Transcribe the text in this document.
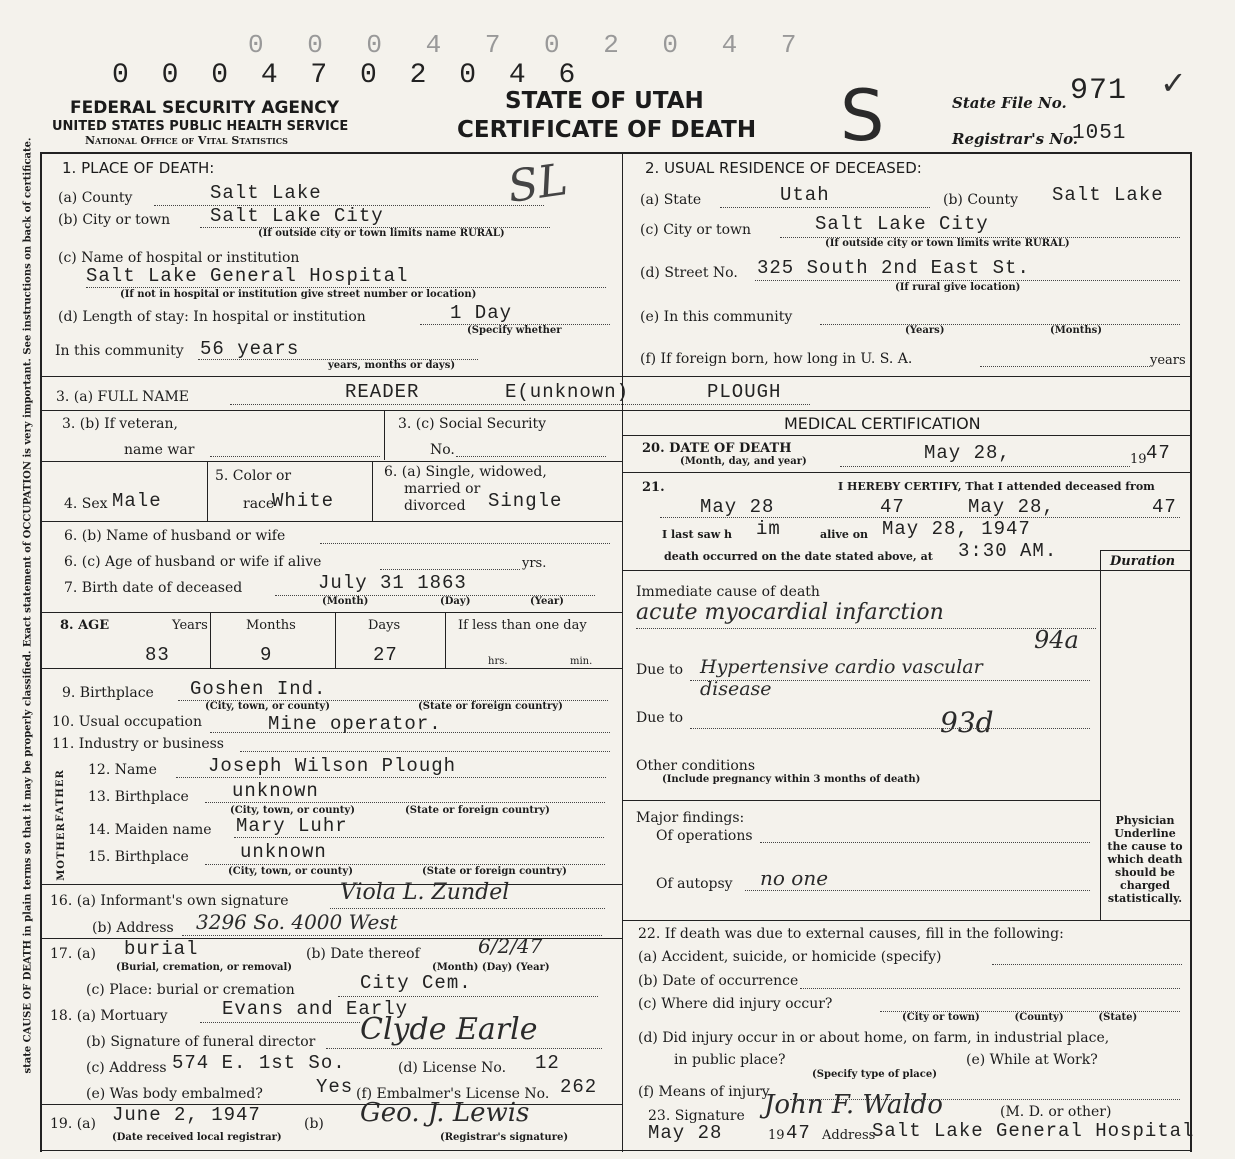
0 0 0 4 7 0 2 0 4 7
0 0 0 4 7 0 2 0 4 6
FEDERAL SECURITY AGENCY
UNITED STATES PUBLIC HEALTH SERVICE
National Office of Vital Statistics
STATE OF UTAH
CERTIFICATE OF DEATH S	State File No. 971 ✓
Registrar's No.
1051
state CAUSE OF DEATH in plain terms so that it may be properly classified. Exact statement of OCCUPATION is very important. See instructions on back of certificate. 1. PLACE OF DEATH:
(a) County	Salt Lake
(b) City or town Salt Lake City
(If outside city or town limits name RURAL)
(c) Name of hospital or institution
Salt Lake General Hospital
(If not in hospital or institution give street number or location)
(d) Length of stay: In hospital or institution	1 Day
(Specify whether
In this community 56 years
years, months or days)
SL	2. USUAL RESIDENCE OF DECEASED:
(a) State	Utah	(b) County Salt Lake
(c) City or town	Salt Lake City
(If outside city or town limits write RURAL)
(d) Street No. 325 South 2nd East St.
(If rural give location)
(e) In this community
(Years)	(Months)
(f) If foreign born, how long in U. S. A.	years
3. (a) FULL NAME	READER	E(unknown)	PLOUGH
3. (b) If veteran,
name war
3. (c) Social Security
No.
4. Sex Male
5. Color or
race
White
6. (a) Single, widowed,
married or
divorced Single
6. (b) Name of husband or wife
6. (c) Age of husband or wife if alive	yrs.
7. Birth date of deceased	July 31 1863
(Month)	(Day)	(Year)
8. AGE	Years	Months	Days	If less than one day
83	9	27	hrs.	min.
9. Birthplace Goshen Ind.
(City, town, or county)	(State or foreign country)
10. Usual occupation	Mine operator.
11. Industry or business
FATHER
MOTHER
12. Name	Joseph Wilson Plough
13. Birthplace unknown
(City, town, or county)	(State or foreign country)
14. Maiden name Mary Luhr
15. Birthplace	unknown
(City, town, or county)	(State or foreign country)
16. (a) Informant's own signature Viola L. Zundel
(b) Address 3296 So. 4000 West
17. (a) burial
(Burial, cremation, or removal)
(b) Date thereof	6/2/47
(Month) (Day) (Year)
(c) Place: burial or cremation	City Cem.
18. (a) Mortuary	Evans and Early
(b) Signature of funeral director Clyde Earle
(c) Address 574 E. 1st So.	(d) License No. 12
(e) Was body embalmed?	Yes (f) Embalmer's License No. 262
19. (a) June 2, 1947
(Date received local registrar)
(b) Geo. J. Lewis
(Registrar's signature)
MEDICAL CERTIFICATION
20. DATE OF DEATH
(Month, day, and year)	May 28,	19 47
21.	I HEREBY CERTIFY, That I attended deceased from
May 28	47	May 28,	47
I last saw h im	alive on May 28, 1947
death occurred on the date stated above, at 3:30 AM.	Duration
Immediate cause of death
acute myocardial infarction
94a
Due to Hypertensive cardio vascular disease
Due to	93d
Other conditions
(Include pregnancy within 3 months of death)
Major findings:
Of operations
Of autopsy no one
Physician Underline the cause to which death should be charged statistically.
22. If death was due to external causes, fill in the following:
(a) Accident, suicide, or homicide (specify)
(b) Date of occurrence
(c) Where did injury occur?
(City or town)          (County)          (State)
(d) Did injury occur in or about home, on farm, in industrial place,
in public place?	(e) While at Work?
(Specify type of place)
(f) Means of injury
23. Signature John F. Waldo	(M. D. or other)
May 28	19 47 Address
Salt Lake General Hospital
